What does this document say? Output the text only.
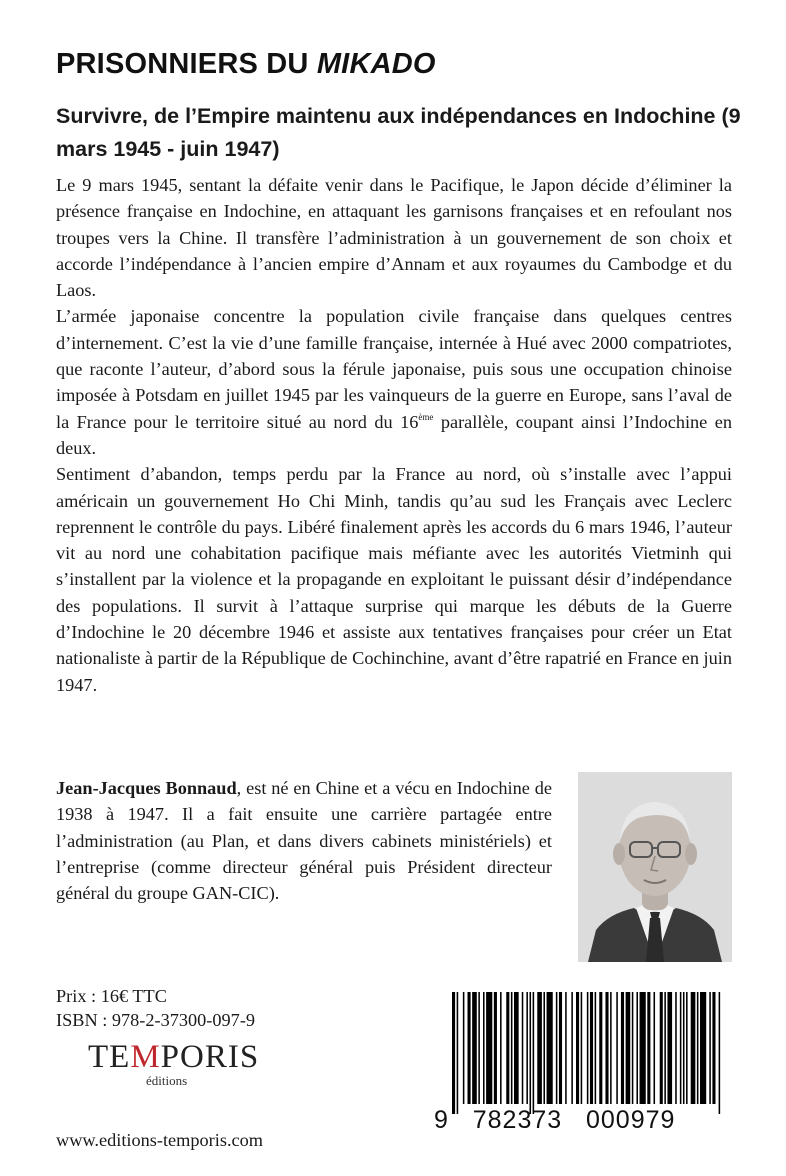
PRISONNIERS DU MIKADO
Survivre, de l’Empire maintenu aux indépendances en Indochine (9 mars 1945 - juin 1947)

Le 9 mars 1945, sentant la défaite venir dans le Pacifique, le Japon décide d’éliminer la présence française en Indochine, en attaquant les garnisons françaises et en refoulant nos troupes vers la Chine. Il transfère l’administration à un gouvernement de son choix et accorde l’indépendance à l’ancien empire d’Annam et aux royaumes du Cambodge et du Laos.

L’armée japonaise concentre la population civile française dans quelques centres d’internement. C’est la vie d’une famille française, internée à Hué avec 2000 compatriotes, que raconte l’auteur, d’abord sous la férule japonaise, puis sous une occupation chinoise imposée à Potsdam en juillet 1945 par les vainqueurs de la guerre en Europe, sans l’aval de la France pour le territoire situé au nord du 16ème parallèle, coupant ainsi l’Indochine en deux.

Sentiment d’abandon, temps perdu par la France au nord, où s’installe avec l’appui américain un gouvernement Ho Chi Minh, tandis qu’au sud les Français avec Leclerc reprennent le contrôle du pays. Libéré finalement après les accords du 6 mars 1946, l’auteur vit au nord une cohabitation pacifique mais méfiante avec les autorités Vietminh qui s’installent par la violence et la propagande en exploitant le puissant désir d’indépendance des populations. Il survit à l’attaque surprise qui marque les débuts de la Guerre d’Indochine le 20 décembre 1946 et assiste aux tentatives françaises pour créer un Etat nationaliste à partir de la République de Cochinchine, avant d’être rapatrié en France en juin 1947.

Jean-Jacques Bonnaud, est né en Chine et a vécu en Indochine de 1938 à 1947. Il a fait ensuite une carrière partagée entre l’administration (au Plan, et dans divers cabinets ministériels) et l’entreprise (comme directeur général puis Président directeur général du groupe GAN-CIC).

Prix : 16€ TTC

ISBN : 978-2-37300-097-9

TEMPORIS
éditions

www.editions-temporis.com

9   782373   000979
